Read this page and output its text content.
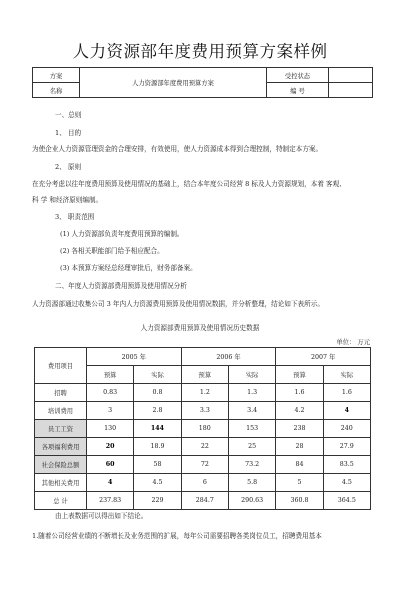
人力资源部年度费用预算方案样例
方案	人力资源部年度费用预算方案	受控状态	
名称		编 号	
一、总则
1、 目的
为使企业人力资源管理资金的合理安排，有效使用，使人力资源成本得到合理控制，特制定本方案。
2、 原则
在充分考虑以往年度费用预算及使用情况的基础上，结合本年度公司经营 8 标及人力资源规划，本着 客观、
科 学 和经济原则编制。
3、 职责范围
(1) 人力资源部负责年度费用预算的编制。
(2) 各相关职能部门给予相应配合。
(3) 本预算方案经总经理审批后，财务部备案。
二、年度人力资源部费用预算及使用情况分析
人力资源部通过收集公司 3 年内人力资源费用预算及使用情况数据，并分析整理，结论如下表所示。
人力资源部费用预算及使用情况历史数据
单位： 万元
费用项目	2005 年		2006 年		2007 年	
	预算	实际	预算	实际	预算	实际
招聘	0.83	0.8	1.2	1.3	1.6	1.6
培训费用	3	2.8	3.3	3.4	4.2	4
员工工资	130	144	180	153	238	240
各项福利费用	20	18.9	22	25	28	27.9
社会保险总额	60	58	72	73.2	84	83.5
其他相关费用	4	4.5	6	5.8	5	4.5
总 计	237.83	229	284.7	290.63	360.8	364.5
由上表数据可以得出如下结论。
1.随着公司经营业绩的不断增长及业务范围的扩展，每年公司需要招聘各类岗位员工，招聘费用基本
